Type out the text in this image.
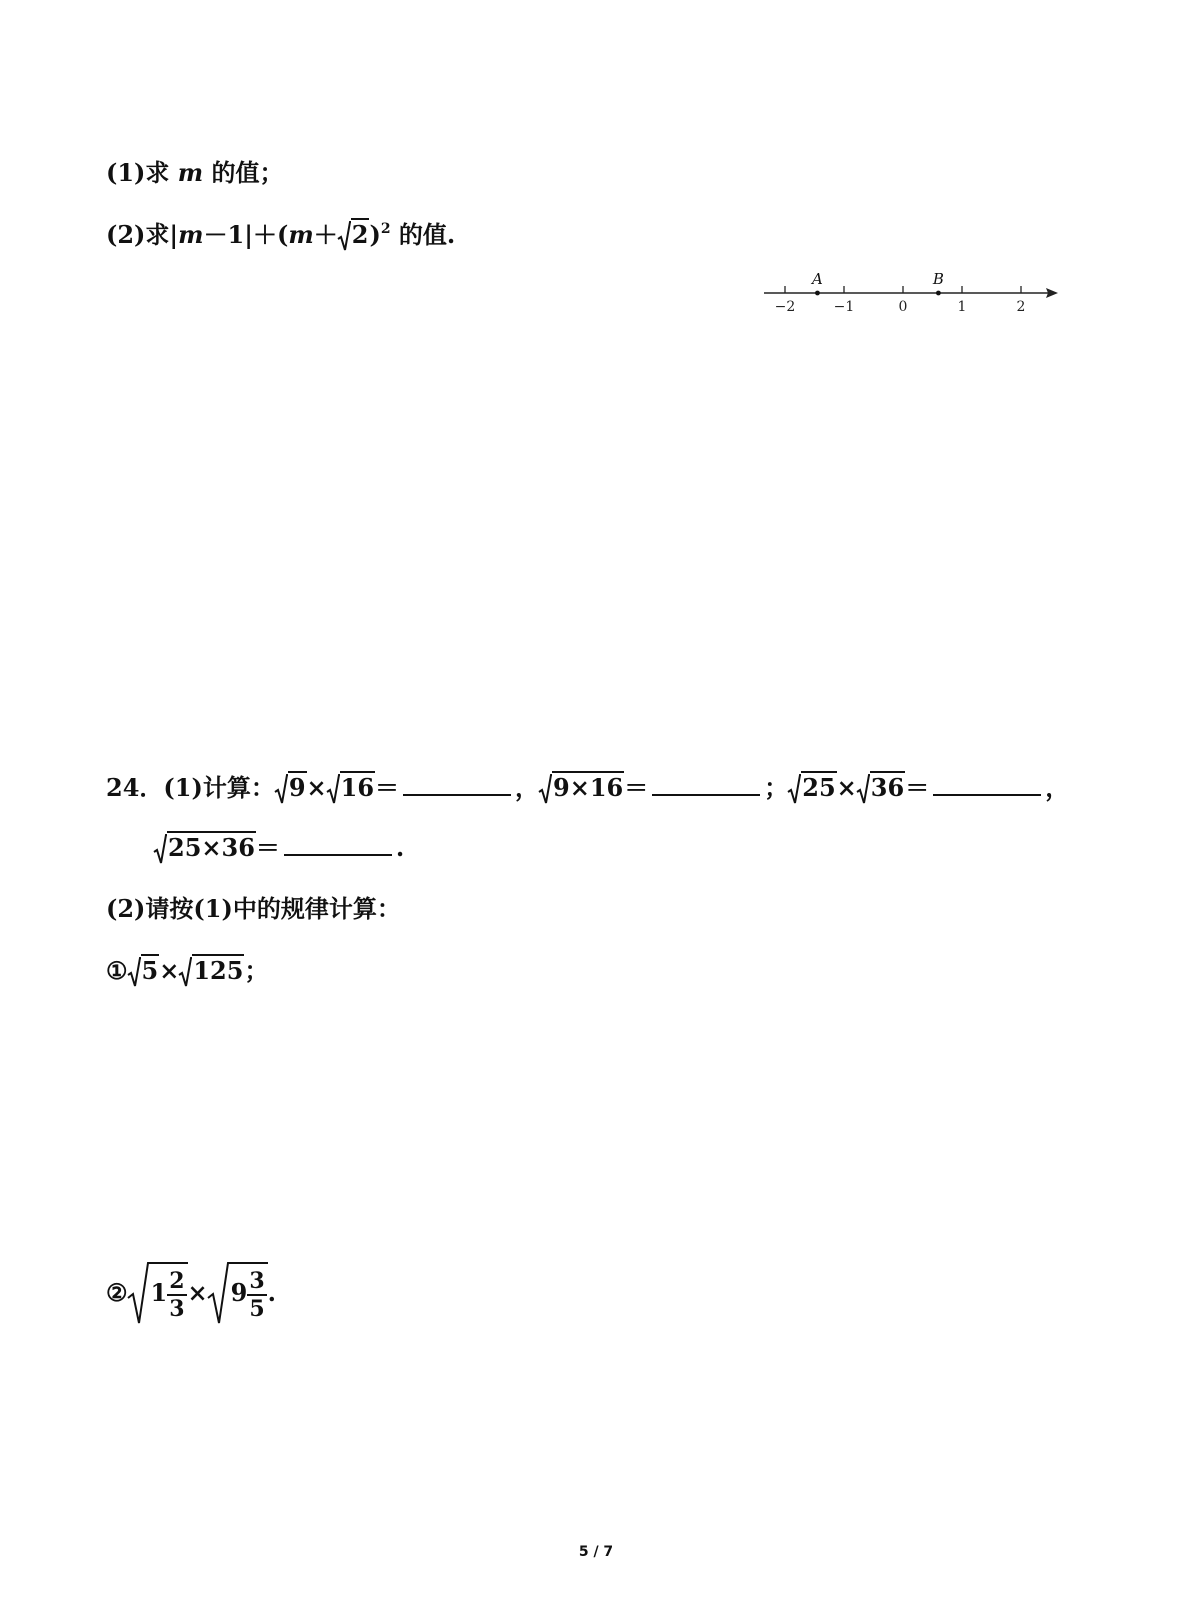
(1)求 m 的值；
(2)求$|m-1|+(m+ 2)^2$ 的值.
−2	−1	0	1	2
A	B
24．(1)计算： 9× 16＝	， 9×16＝	； 25× 36＝	，
25×36＝	.
(2)请按(1)中的规律计算：
① 5× 125；
② $1 \frac{2}{3} \times 9 \frac{3}{5}$ .
5 / 7
